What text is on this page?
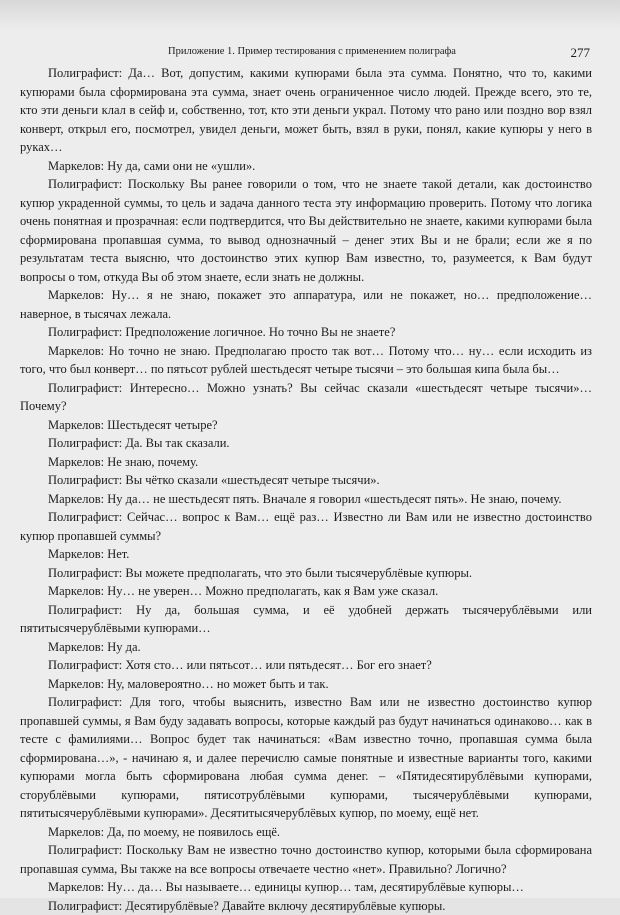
Приложение 1. Пример тестирования с применением полиграфа	277

Полиграфист: Да… Вот, допустим, какими купюрами была эта сумма. Понятно, что то, какими купюрами была сформирована эта сумма, знает очень ограниченное число людей. Прежде всего, это те, кто эти деньги клал в сейф и, собственно, тот, кто эти деньги украл. Потому что рано или поздно вор взял конверт, открыл его, посмотрел, увидел деньги, может быть, взял в руки, понял, какие купюры у него в руках…

Маркелов: Ну да, сами они не «ушли».

Полиграфист: Поскольку Вы ранее говорили о том, что не знаете такой детали, как достоинство купюр украденной суммы, то цель и задача данного теста эту информацию проверить. Потому что логика очень понятная и прозрачная: если подтвердится, что Вы действительно не знаете, какими купюрами была сформирована пропавшая сумма, то вывод однозначный – денег этих Вы и не брали; если же я по результатам теста выясню, что достоинство этих купюр Вам известно, то, разумеется, к Вам будут вопросы о том, откуда Вы об этом знаете, если знать не должны.

Маркелов: Ну… я не знаю, покажет это аппаратура, или не покажет, но… предположение… наверное, в тысячах лежала.

Полиграфист: Предположение логичное. Но точно Вы не знаете?

Маркелов: Но точно не знаю. Предполагаю просто так вот… Потому что… ну… если исходить из того, что был конверт… по пятьсот рублей шестьдесят четыре тысячи – это большая кипа была бы…

Полиграфист: Интересно… Можно узнать? Вы сейчас сказали «шестьдесят четыре тысячи»… Почему?

Маркелов: Шестьдесят четыре?

Полиграфист: Да. Вы так сказали.

Маркелов: Не знаю, почему.

Полиграфист: Вы чётко сказали «шестьдесят четыре тысячи».

Маркелов: Ну да… не шестьдесят пять. Вначале я говорил «шестьдесят пять». Не знаю, почему.

Полиграфист: Сейчас… вопрос к Вам… ещё раз… Известно ли Вам или не известно достоинство купюр пропавшей суммы?

Маркелов: Нет.

Полиграфист: Вы можете предполагать, что это были тысячерублёвые купюры.

Маркелов: Ну… не уверен… Можно предполагать, как я Вам уже сказал.

Полиграфист: Ну да, большая сумма, и её удобней держать тысячерублёвыми или пятитысячерублёвыми купюрами…

Маркелов: Ну да.

Полиграфист: Хотя сто… или пятьсот… или пятьдесят… Бог его знает?

Маркелов: Ну, маловероятно… но может быть и так.

Полиграфист: Для того, чтобы выяснить, известно Вам или не известно достоинство купюр пропавшей суммы, я Вам буду задавать вопросы, которые каждый раз будут начинаться одинаково… как в тесте с фамилиями… Вопрос будет так начинаться: «Вам известно точно, пропавшая сумма была сформирована…», - начинаю я, и далее перечислю самые понятные и известные варианты того, какими купюрами могла быть сформирована любая сумма денег. – «Пятидесятирублёвыми купюрами, сторублёвыми купюрами, пятисотрублёвыми купюрами, тысячерублёвыми купюрами, пятитысячерублёвыми купюрами». Десятитысячерублёвых купюр, по моему, ещё нет.

Маркелов: Да, по моему, не появилось ещё.

Полиграфист: Поскольку Вам не известно точно достоинство купюр, которыми была сформирована пропавшая сумма, Вы также на все вопросы отвечаете честно «нет». Правильно? Логично?

Маркелов: Ну… да… Вы называете… единицы купюр… там, десятирублёвые купюры…

Полиграфист: Десятирублёвые? Давайте включу десятирублёвые купюры.
